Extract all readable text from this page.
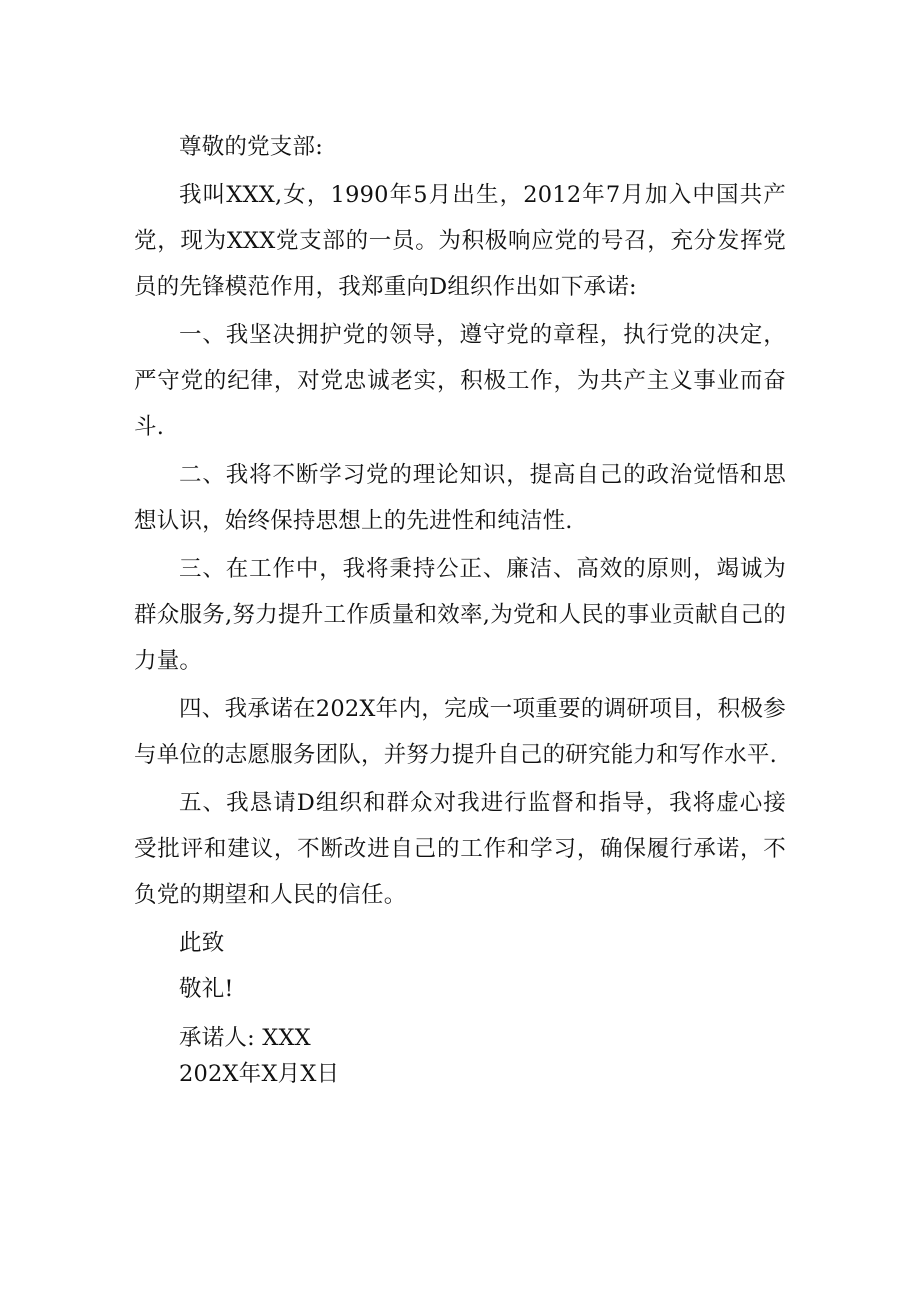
尊敬的党支部:

我叫XXX,女，1990年5月出生，2012年7月加入中国共产党，现为XXX党支部的一员。为积极响应党的号召，充分发挥党员的先锋模范作用，我郑重向D组织作出如下承诺:

一、我坚决拥护党的领导，遵守党的章程，执行党的决定，严守党的纪律，对党忠诚老实，积极工作，为共产主义事业而奋斗.

二、我将不断学习党的理论知识，提高自己的政治觉悟和思想认识，始终保持思想上的先进性和纯洁性.

三、在工作中，我将秉持公正、廉洁、高效的原则，竭诚为群众服务,努力提升工作质量和效率,为党和人民的事业贡献自己的力量。

四、我承诺在202X年内，完成一项重要的调研项目，积极参与单位的志愿服务团队，并努力提升自己的研究能力和写作水平.

五、我恳请D组织和群众对我进行监督和指导，我将虚心接受批评和建议，不断改进自己的工作和学习，确保履行承诺，不负党的期望和人民的信任。

此致

敬礼!

承诺人: XXX

202X年X月X日
